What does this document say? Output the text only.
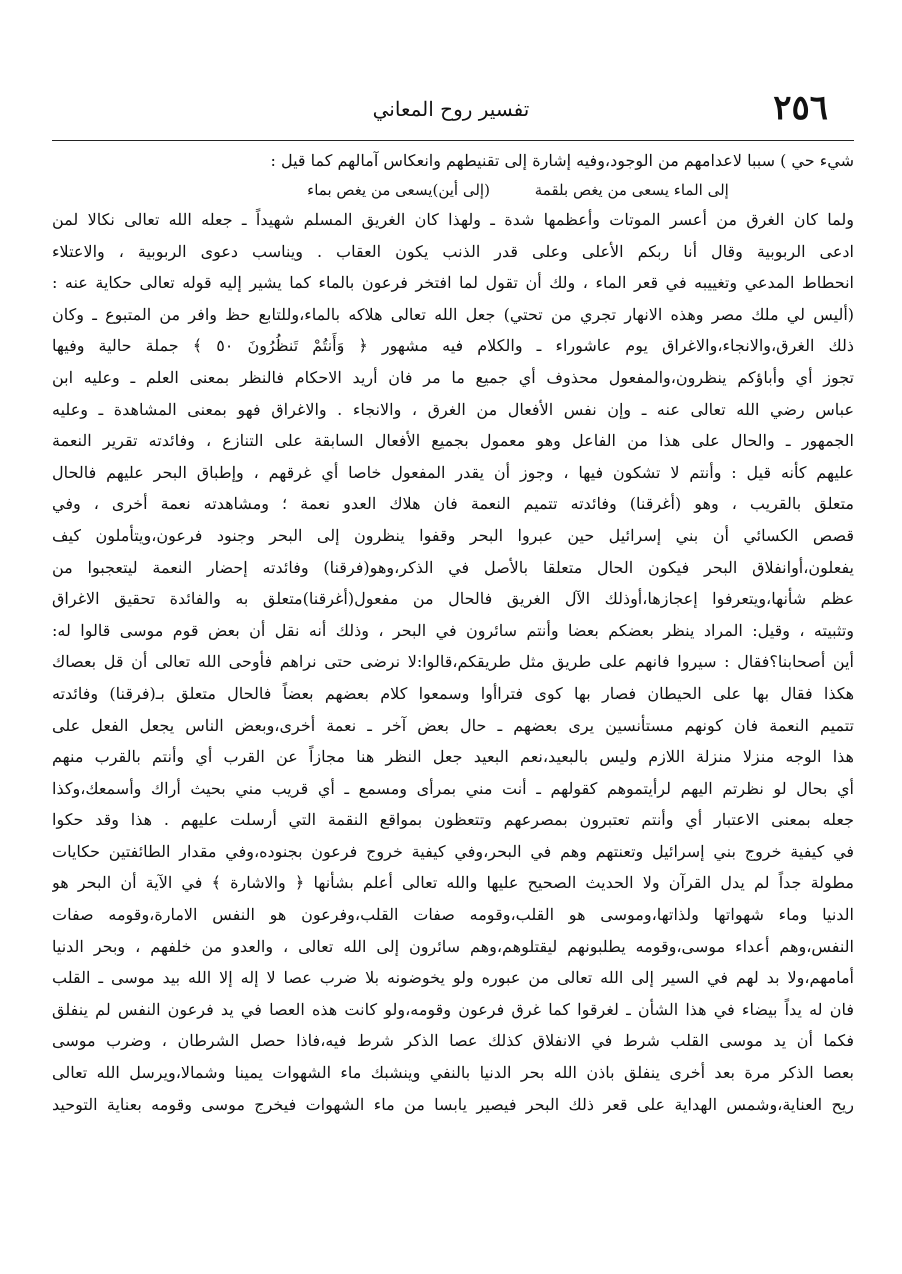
٢٥٦
تفسير روح المعاني
شيء حي ) سببا لاعدامهم من الوجود،وفيه إشارة إلى تقنيطهم وانعكاس آمالهم كما قيل :
إلى الماء يسعى من يغص بلقمة (إلى أين)يسعى من يغص بماء
ولما كان الغرق من أعسر الموتات وأعظمها شدة ـ ولهذا كان الغريق المسلم شهيداً ـ جعله الله تعالى نكالا لمن
ادعى الربوبية وقال أنا ربكم الأعلى وعلى قدر الذنب يكون العقاب . ويناسب دعوى الربوبية ، والاعتلاء
انحطاط المدعي وتغييبه في قعر الماء ، ولك أن تقول لما افتخر فرعون بالماء كما يشير إليه قوله تعالى حكاية عنه :
(أليس لي ملك مصر وهذه الانهار تجري من تحتي) جعل الله تعالى هلاكه بالماء،وللتابع حظ وافر من المتبوع ـ وكان
ذلك الغرق،والانجاء،والاغراق يوم عاشوراء ـ والكلام فيه مشهور ﴿ وَأَنتُمْ تَنظُرُونَ ٥٠ ﴾ جملة حالية وفيها
تجوز أي وأباؤكم ينظرون،والمفعول محذوف أي جميع ما مر فان أريد الاحكام فالنظر بمعنى العلم ـ وعليه ابن
عباس رضي الله تعالى عنه ـ وإن نفس الأفعال من الغرق ، والانجاء . والاغراق فهو بمعنى المشاهدة ـ وعليه
الجمهور ـ والحال على هذا من الفاعل وهو معمول بجميع الأفعال السابقة على التنازع ، وفائدته تقرير النعمة
عليهم كأنه قيل : وأنتم لا تشكون فيها ، وجوز أن يقدر المفعول خاصا أي غرقهم ، وإطباق البحر عليهم فالحال
متعلق بالقريب ، وهو (أغرقنا) وفائدته تتميم النعمة فان هلاك العدو نعمة ؛ ومشاهدته نعمة أخرى ، وفي
قصص الكسائي أن بني إسرائيل حين عبروا البحر وقفوا ينظرون إلى البحر وجنود فرعون،ويتأملون كيف
يفعلون،أوانفلاق البحر فيكون الحال متعلقا بالأصل في الذكر،وهو(فرقنا) وفائدته إحضار النعمة ليتعجبوا من
عظم شأنها،ويتعرفوا إعجازها،أوذلك الآل الغريق فالحال من مفعول(أغرقنا)متعلق به والفائدة تحقيق الاغراق
وتثبيته ، وقيل: المراد ينظر بعضكم بعضا وأنتم سائرون في البحر ، وذلك أنه نقل أن بعض قوم موسى قالوا له:
أين أصحابنا؟فقال : سيروا فانهم على طريق مثل طريقكم،قالوا:لا نرضى حتى نراهم فأوحى الله تعالى أن قل بعصاك
هكذا فقال بها على الحيطان فصار بها كوى فتراأوا وسمعوا كلام بعضهم بعضاً فالحال متعلق بـ(فرقنا) وفائدته
تتميم النعمة فان كونهم مستأنسين يرى بعضهم ـ حال بعض آخر ـ نعمة أخرى،وبعض الناس يجعل الفعل على
هذا الوجه منزلا منزلة اللازم وليس بالبعيد،نعم البعيد جعل النظر هنا مجازاً عن القرب أي وأنتم بالقرب منهم
أي بحال لو نظرتم اليهم لرأيتموهم كقولهم ـ أنت مني بمرأى ومسمع ـ أي قريب مني بحيث أراك وأسمعك،وكذا
جعله بمعنى الاعتبار أي وأنتم تعتبرون بمصرعهم وتتعظون بمواقع النقمة التي أرسلت عليهم . هذا وقد حكوا
في كيفية خروج بني إسرائيل وتعنتهم وهم في البحر،وفي كيفية خروج فرعون بجنوده،وفي مقدار الطائفتين حكايات
مطولة جداً لم يدل القرآن ولا الحديث الصحيح عليها والله تعالى أعلم بشأنها ﴿ والاشارة ﴾ في الآية أن البحر هو
الدنيا وماء شهواتها ولذاتها،وموسى هو القلب،وقومه صفات القلب،وفرعون هو النفس الامارة،وقومه صفات
النفس،وهم أعداء موسى،وقومه يطلبونهم ليقتلوهم،وهم سائرون إلى الله تعالى ، والعدو من خلفهم ، وبحر الدنيا
أمامهم،ولا بد لهم في السير إلى الله تعالى من عبوره ولو يخوضونه بلا ضرب عصا لا إله إلا الله بيد موسى ـ القلب
فان له يداً بيضاء في هذا الشأن ـ لغرقوا كما غرق فرعون وقومه،ولو كانت هذه العصا في يد فرعون النفس لم ينفلق
فكما أن يد موسى القلب شرط في الانفلاق كذلك عصا الذكر شرط فيه،فاذا حصل الشرطان ، وضرب موسى
بعصا الذكر مرة بعد أخرى ينفلق باذن الله بحر الدنيا بالنفي وينشبك ماء الشهوات يمينا وشمالا،ويرسل الله تعالى
ريح العناية،وشمس الهداية على قعر ذلك البحر فيصير يابسا من ماء الشهوات فيخرج موسى وقومه بعناية التوحيد
